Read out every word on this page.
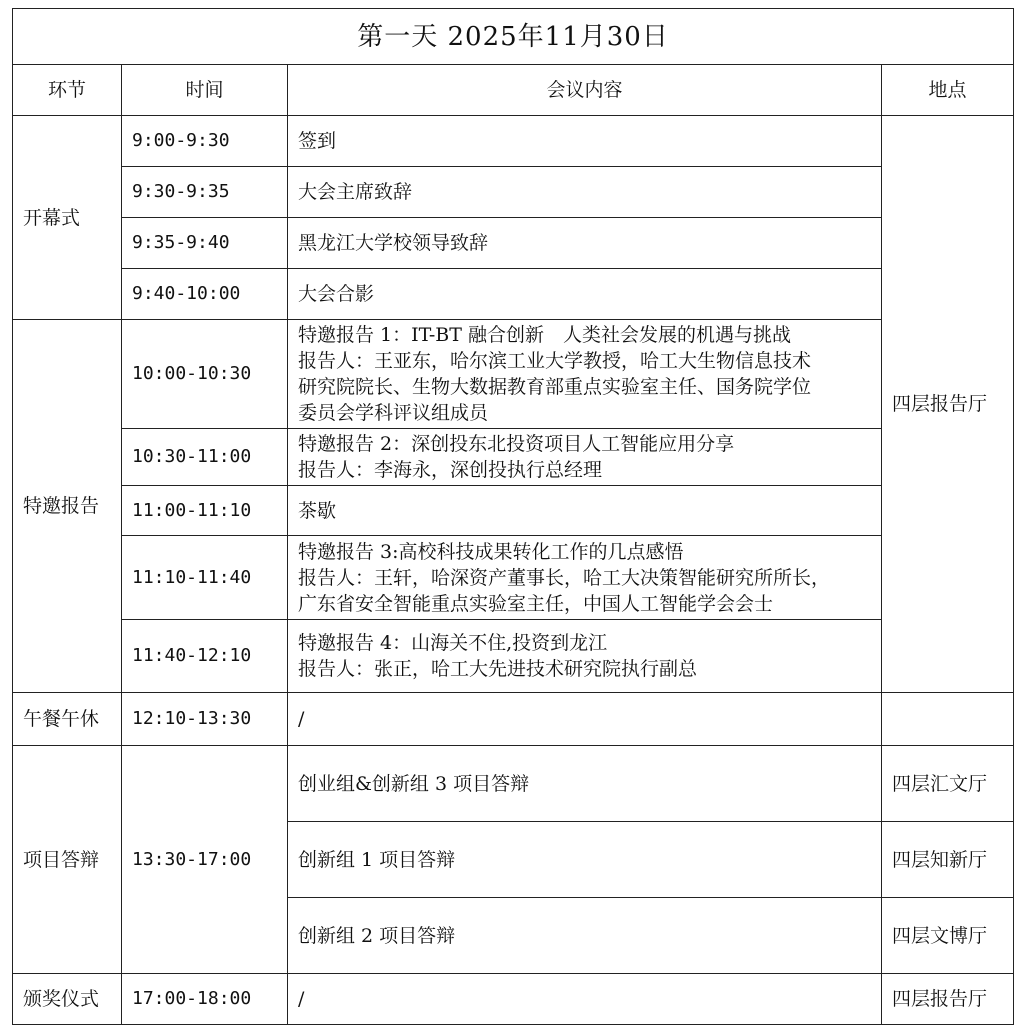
第一天 2025年11月30日			
环节	时间	会议内容	地点
开幕式	9:00-9:30	签到	四层报告厅
	9:30-9:35	大会主席致辞	

	9:35-9:40	黑龙江大学校领导致辞	

	9:40-10:00	大会合影	

特邀报告	10:00-10:30	特邀报告 1：IT-BT 融合创新　人类社会发展的机遇与挑战
报告人：王亚东，哈尔滨工业大学教授，哈工大生物信息技术
研究院院长、生物大数据教育部重点实验室主任、国务院学位
委员会学科评议组成员	

	10:30-11:00	特邀报告 2：深创投东北投资项目人工智能应用分享
报告人：李海永，深创投执行总经理	

	11:00-11:10	茶歇	

	11:10-11:40	特邀报告 3:高校科技成果转化工作的几点感悟
报告人：王轩，哈深资产董事长，哈工大决策智能研究所所长，
广东省安全智能重点实验室主任，中国人工智能学会会士	

	11:40-12:10	特邀报告 4：山海关不住,投资到龙江
报告人：张正，哈工大先进技术研究院执行副总	

午餐午休	12:10-13:30	/	

项目答辩	13:30-17:00	创业组&创新组 3 项目答辩	四层汇文厅

		创新组 1 项目答辩	四层知新厅

		创新组 2 项目答辩	四层文博厅
颁奖仪式	17:00-18:00	/	四层报告厅
